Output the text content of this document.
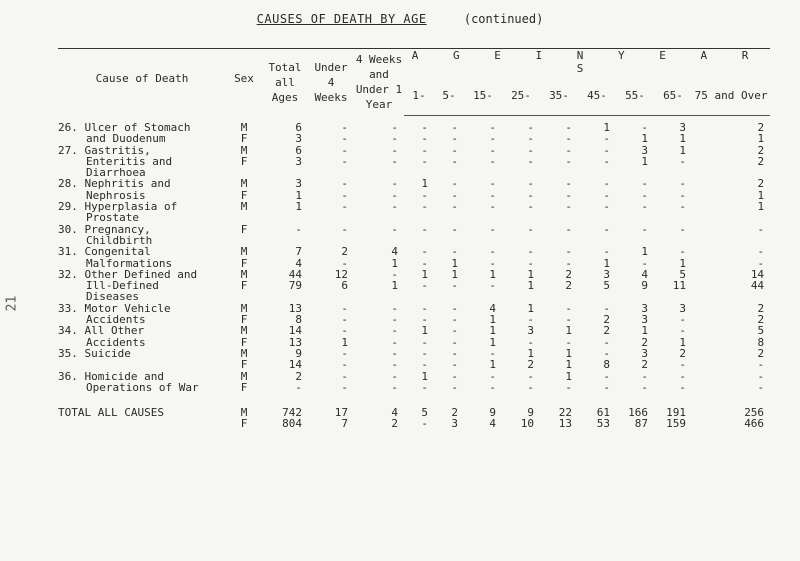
21
CAUSES OF DEATH BY AGE	(continued)
Cause of Death	Sex	Total all Ages	Under 4 Weeks	4 Weeks and Under 1 Year	A G E I N Y E A R S								
					1-	5-	15-	25-	35-	45-	55-	65-	75 and Over
26. Ulcer of Stomach	M	6	-	-	-	-	-	-	-	1	-	3	2
and Duodenum	F	3	-	-	-	-	-	-	-	-	1	1	1
27. Gastritis,	M	6	-	-	-	-	-	-	-	-	3	1	2
Enteritis and	F	3	-	-	-	-	-	-	-	-	1	-	2
Diarrhoea													
28. Nephritis and	M	3	-	-	1	-	-	-	-	-	-	-	2
Nephrosis	F	1	-	-	-	-	-	-	-	-	-	-	1
29. Hyperplasia of	M	1	-	-	-	-	-	-	-	-	-	-	1
Prostate													
30. Pregnancy,	F	-	-	-	-	-	-	-	-	-	-	-	-
Childbirth													
31. Congenital	M	7	2	4	-	-	-	-	-	-	1	-	-
Malformations	F	4	-	1	-	1	-	-	-	1	-	1	-
32. Other Defined and	M	44	12	-	1	1	1	1	2	3	4	5	14
Ill-Defined	F	79	6	1	-	-	-	1	2	5	9	11	44
Diseases													
33. Motor Vehicle	M	13	-	-	-	-	4	1	-	-	3	3	2
Accidents	F	8	-	-	-	-	1	-	-	2	3	-	2
34. All Other	M	14	-	-	1	-	1	3	1	2	1	-	5
Accidents	F	13	1	-	-	-	1	-	-	-	2	1	8
35. Suicide	M	9	-	-	-	-	-	1	1	-	3	2	2
	F	14	-	-	-	-	1	2	1	8	2	-	-
36. Homicide and	M	2	-	-	1	-	-	-	1	-	-	-	-
Operations of War	F	-	-	-	-	-	-	-	-	-	-	-	-

TOTAL ALL CAUSES	M	742	17	4	5	2	9	9	22	61	166	191	256
	F	804	7	2	-	3	4	10	13	53	87	159	466
